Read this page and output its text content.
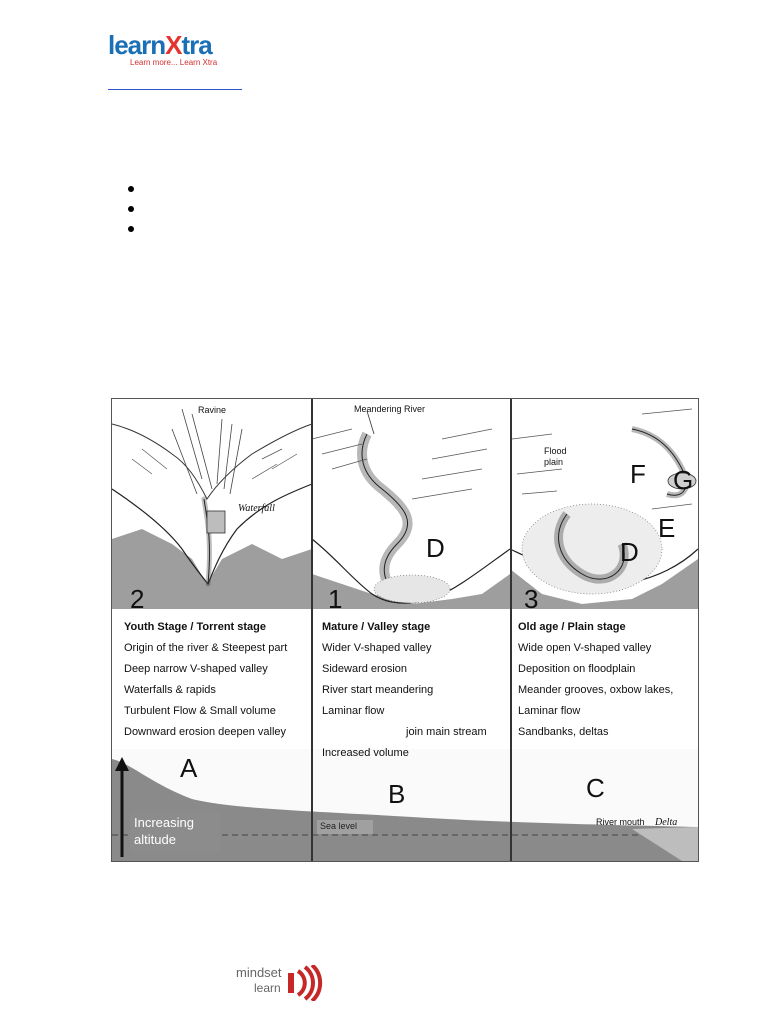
learnXtra
Learn more... Learn Xtra
Ravine
Waterfall
Meandering River
Flood
plain
D	D
E
F G
2	1	3
Youth Stage / Torrent stage
Origin of the river & Steepest part
Deep narrow V-shaped valley
Waterfalls & rapids
Turbulent Flow & Small volume
Downward erosion deepen valley
Mature / Valley stage
Wider V-shaped valley
Sideward erosion
River start meandering
Laminar flow
join main stream
Increased volume
Old age / Plain stage
Wide open V-shaped valley
Deposition on floodplain
Meander grooves, oxbow lakes,
Laminar flow
Sandbanks, deltas
A
B	C
Increasing
altitude
Sea level	River mouth Delta
mindset
learn
